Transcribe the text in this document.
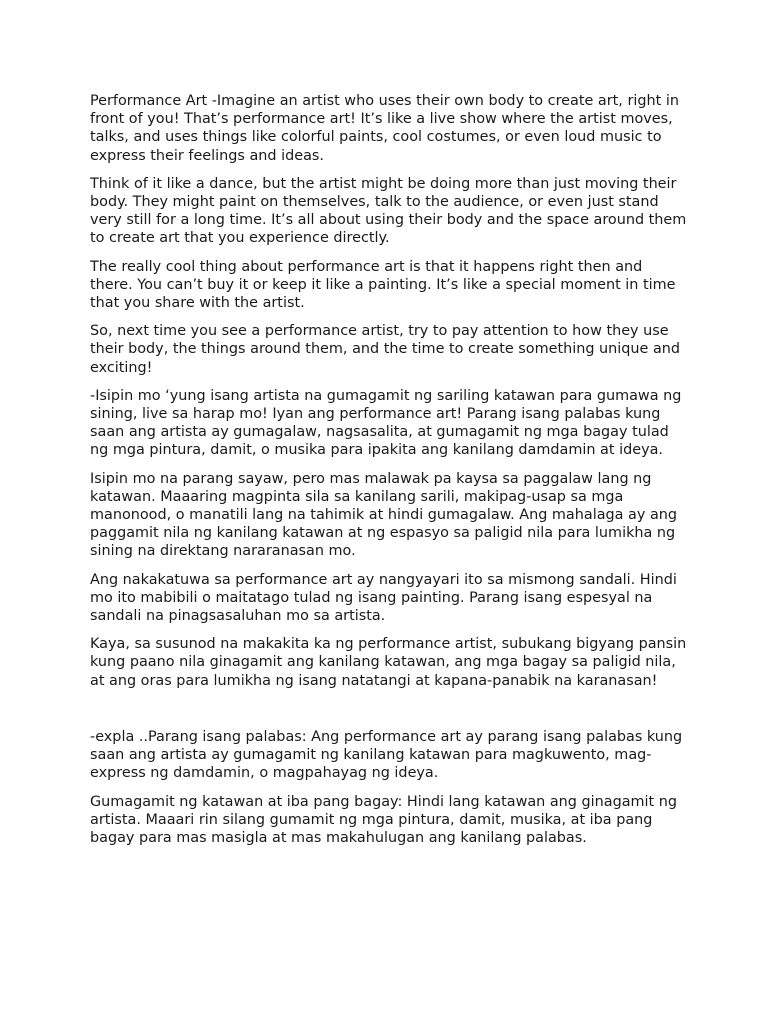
Performance Art -Imagine an artist who uses their own body to create art, right in front of you! That’s performance art! It’s like a live show where the artist moves, talks, and uses things like colorful paints, cool costumes, or even loud music to express their feelings and ideas.

Think of it like a dance, but the artist might be doing more than just moving their body. They might paint on themselves, talk to the audience, or even just stand very still for a long time. It’s all about using their body and the space around them to create art that you experience directly.

The really cool thing about performance art is that it happens right then and there. You can’t buy it or keep it like a painting. It’s like a special moment in time that you share with the artist.

So, next time you see a performance artist, try to pay attention to how they use their body, the things around them, and the time to create something unique and exciting!

-Isipin mo ‘yung isang artista na gumagamit ng sariling katawan para gumawa ng sining, live sa harap mo! Iyan ang performance art! Parang isang palabas kung saan ang artista ay gumagalaw, nagsasalita, at gumagamit ng mga bagay tulad ng mga pintura, damit, o musika para ipakita ang kanilang damdamin at ideya.

Isipin mo na parang sayaw, pero mas malawak pa kaysa sa paggalaw lang ng katawan. Maaaring magpinta sila sa kanilang sarili, makipag-usap sa mga manonood, o manatili lang na tahimik at hindi gumagalaw. Ang mahalaga ay ang paggamit nila ng kanilang katawan at ng espasyo sa paligid nila para lumikha ng sining na direktang nararanasan mo.

Ang nakakatuwa sa performance art ay nangyayari ito sa mismong sandali. Hindi mo ito mabibili o maitatago tulad ng isang painting. Parang isang espesyal na sandali na pinagsasaluhan mo sa artista.

Kaya, sa susunod na makakita ka ng performance artist, subukang bigyang pansin kung paano nila ginagamit ang kanilang katawan, ang mga bagay sa paligid nila, at ang oras para lumikha ng isang natatangi at kapana-panabik na karanasan!

-expla ..Parang isang palabas: Ang performance art ay parang isang palabas kung saan ang artista ay gumagamit ng kanilang katawan para magkuwento, mag-express ng damdamin, o magpahayag ng ideya.

Gumagamit ng katawan at iba pang bagay: Hindi lang katawan ang ginagamit ng artista. Maaari rin silang gumamit ng mga pintura, damit, musika, at iba pang bagay para mas masigla at mas makahulugan ang kanilang palabas.
